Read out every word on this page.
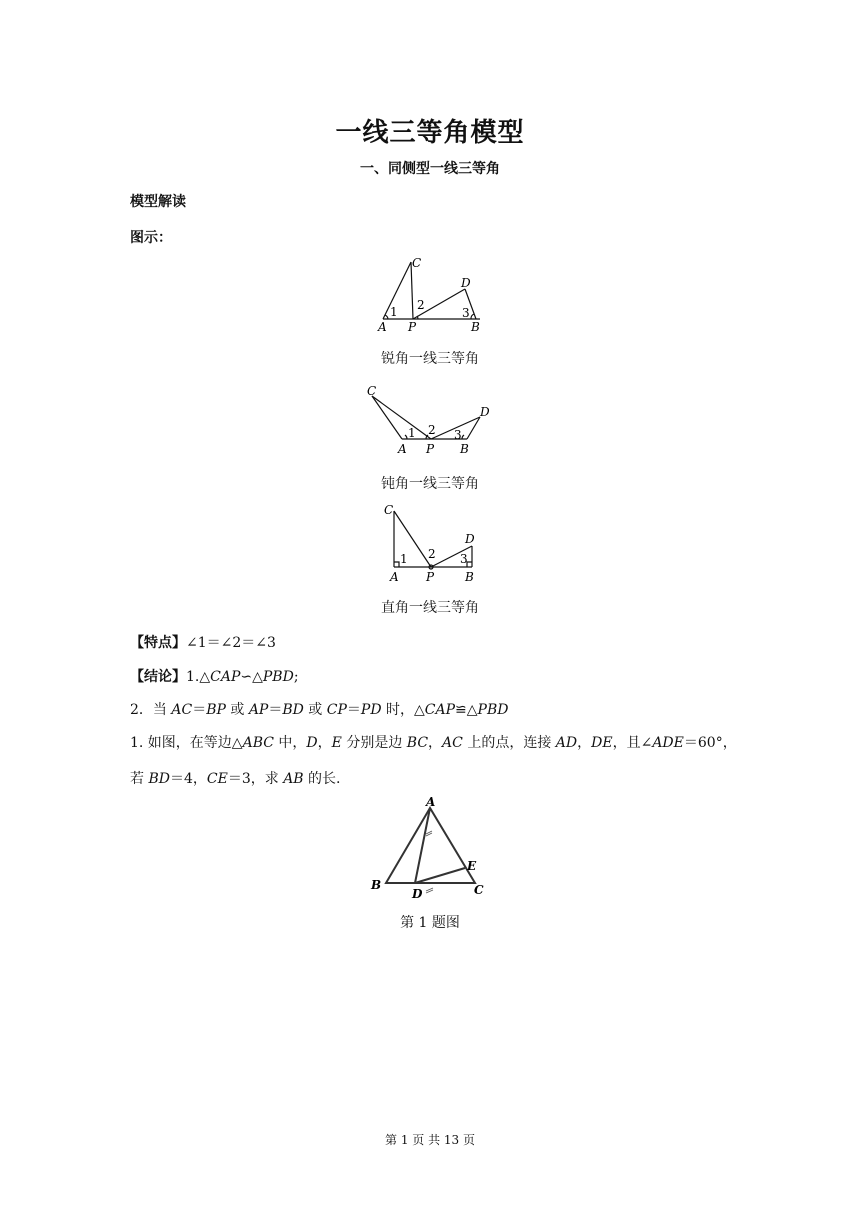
一线三等角模型
一、同侧型一线三等角
模型解读
图示：
C
D
A P	B
1 2
3
锐角一线三等角
C
D
A P B
1 2 3
钝角一线三等角
C
D
A P	B
1 2 3
直角一线三等角
【特点】∠1＝∠2＝∠3
【结论】1.△CAP∽△PBD;
2．当 AC＝BP 或 AP＝BD 或 CP＝PD 时，△CAP≌△PBD
1. 如图，在等边△ABC 中，D，E 分别是边 BC，AC 上的点，连接 AD，DE，且∠ADE＝60°，
若 BD＝4，CE＝3，求 AB 的长.
A
B	C
D
E
第 1 题图
第 1 页 共 13 页
